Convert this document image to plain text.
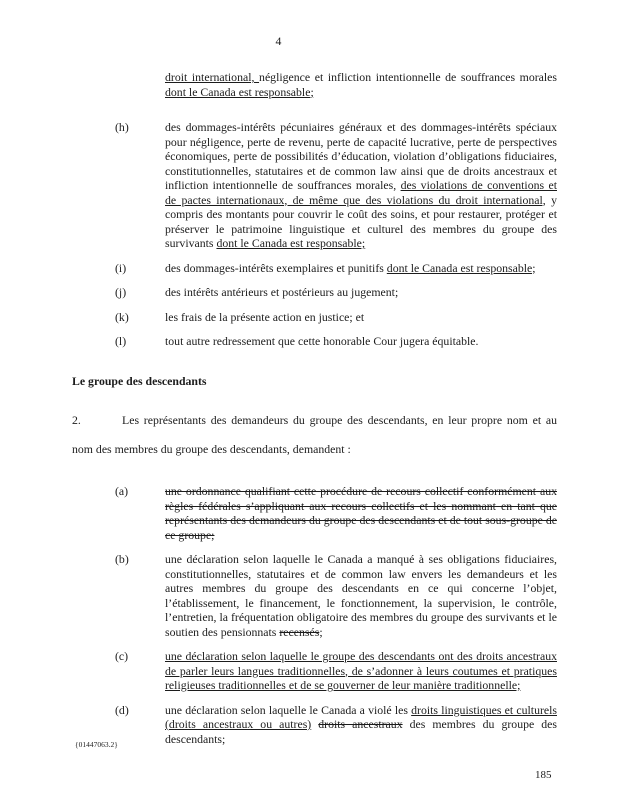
4
droit international, négligence et infliction intentionnelle de souffrances morales dont le Canada est responsable;
(h)	des dommages-intérêts pécuniaires généraux et des dommages-intérêts spéciaux pour négligence, perte de revenu, perte de capacité lucrative, perte de perspectives économiques, perte de possibilités d’éducation, violation d’obligations fiduciaires, constitutionnelles, statutaires et de common law ainsi que de droits ancestraux et infliction intentionnelle de souffrances morales, des violations de conventions et de pactes internationaux, de même que des violations du droit international, y compris des montants pour couvrir le coût des soins, et pour restaurer, protéger et préserver le patrimoine linguistique et culturel des membres du groupe des survivants dont le Canada est responsable;
(i)	des dommages-intérêts exemplaires et punitifs dont le Canada est responsable;
(j)	des intérêts antérieurs et postérieurs au jugement;
(k)	les frais de la présente action en justice; et
(l)	tout autre redressement que cette honorable Cour jugera équitable.
Le groupe des descendants
2.	Les représentants des demandeurs du groupe des descendants, en leur propre nom et au nom des membres du groupe des descendants, demandent :
(a)	une ordonnance qualifiant cette procédure de recours collectif conformément aux règles fédérales s’appliquant aux recours collectifs et les nommant en tant que représentants des demandeurs du groupe des descendants et de tout sous-groupe de ce groupe;
(b)	une déclaration selon laquelle le Canada a manqué à ses obligations fiduciaires, constitutionnelles, statutaires et de common law envers les demandeurs et les autres membres du groupe des descendants en ce qui concerne l’objet, l’établissement, le financement, le fonctionnement, la supervision, le contrôle, l’entretien, la fréquentation obligatoire des membres du groupe des survivants et le soutien des pensionnats recensés;
(c)	une déclaration selon laquelle le groupe des descendants ont des droits ancestraux de parler leurs langues traditionnelles, de s’adonner à leurs coutumes et pratiques religieuses traditionnelles et de se gouverner de leur manière traditionnelle;
(d)	une déclaration selon laquelle le Canada a violé les droits linguistiques et culturels (droits ancestraux ou autres) droits ancestraux des membres du groupe des descendants;
{01447063.2}
185
